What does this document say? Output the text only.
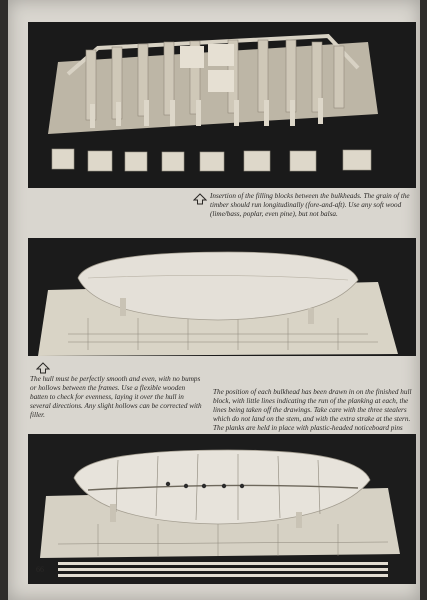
Insertion of the filling blocks between the bulkheads. The grain of the timber should run longitudinally (fore-and-aft). Use any soft wood (lime/bass, poplar, even pine), but not balsa.

The hull must be perfectly smooth and even, with no bumps or hollows between the frames. Use a flexible wooden batten to check for evenness, laying it over the hull in several directions. Any slight hollows can be corrected with filler.

The position of each bulkhead has been drawn in on the finished hull block, with little lines indicating the run of the planking at each, the lines being taken off the drawings. Take care with the three stealers which do not land on the stem, and with the extra strake at the stern. The planks are held in place with plastic-headed noticeboard pins

66
